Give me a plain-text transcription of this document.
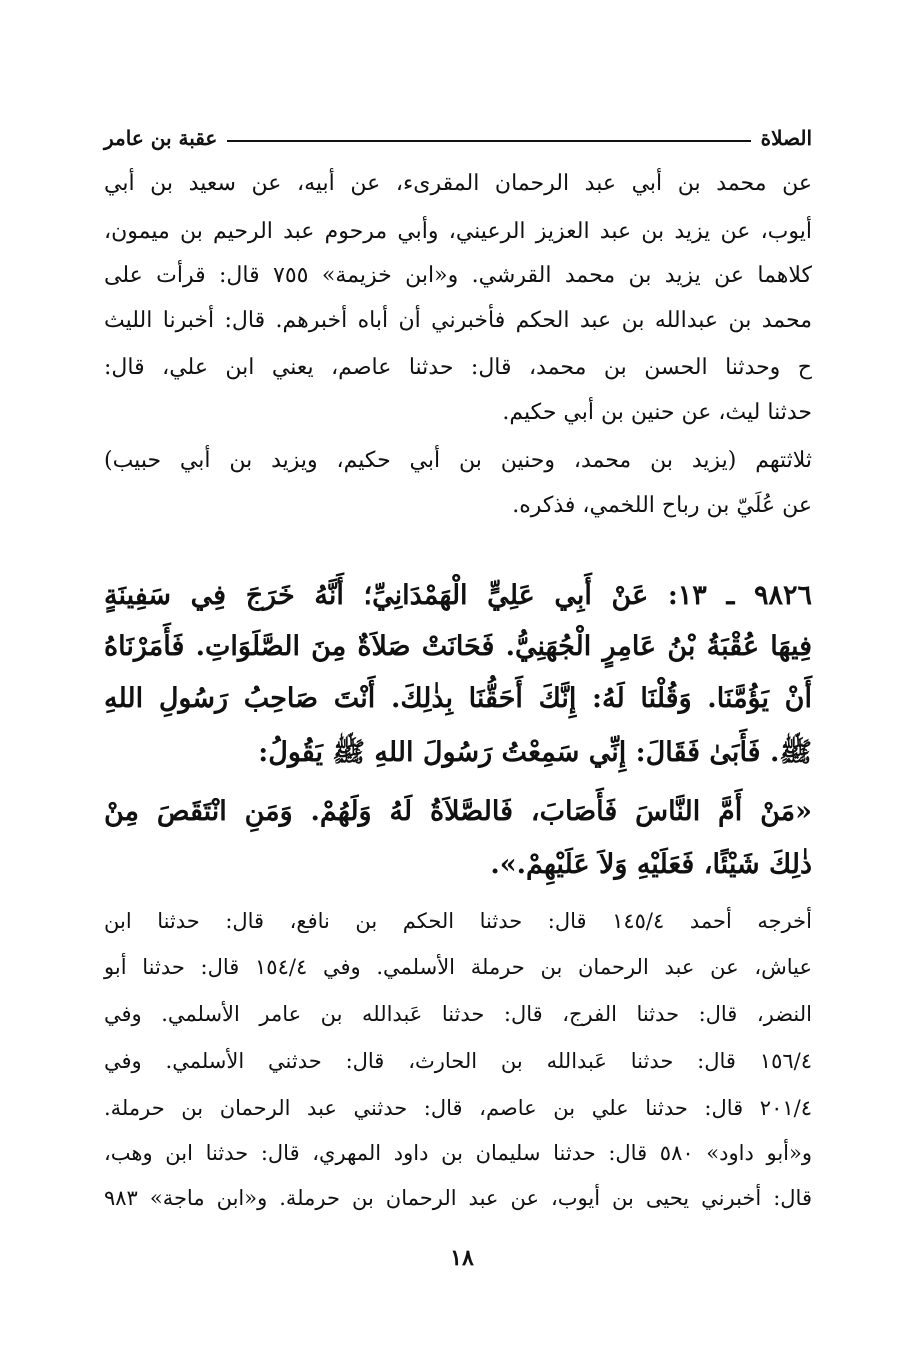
الصلاة
عقبة بن عامر
عن محمد بن أبي عبد الرحمان المقرىء، عن أبيه، عن سعيد بن أبي
أيوب، عن يزيد بن عبد العزيز الرعيني، وأبي مرحوم عبد الرحيم بن ميمون،
كلاهما عن يزيد بن محمد القرشي. و«ابن خزيمة» ٧٥٥ قال: قرأت على
محمد بن عبدالله بن عبد الحكم فأخبرني أن أباه أخبرهم. قال: أخبرنا الليث
ح وحدثنا الحسن بن محمد، قال: حدثنا عاصم، يعني ابن علي، قال:
حدثنا ليث، عن حنين بن أبي حكيم.
ثلاثتهم (يزيد بن محمد، وحنين بن أبي حكيم، ويزيد بن أبي حبيب)
عن عُلَيّ بن رباح اللخمي، فذكره.
٩٨٢٦ ـ ١٣: عَنْ أَبِي عَلِيٍّ الْهَمْدَانِيِّ؛ أَنَّهُ خَرَجَ فِي سَفِينَةٍ
فِيهَا عُقْبَةُ بْنُ عَامِرٍ الْجُهَنِيُّ. فَحَانَتْ صَلاَةٌ مِنَ الصَّلَوَاتِ. فَأَمَرْنَاهُ
أَنْ يَؤُمَّنَا. وَقُلْنَا لَهُ: إِنَّكَ أَحَقُّنَا بِذٰلِكَ. أَنْتَ صَاحِبُ رَسُولِ اللهِ
ﷺ. فَأَبَىٰ فَقَالَ: إِنِّي سَمِعْتُ رَسُولَ اللهِ ﷺ يَقُولُ:
«مَنْ أَمَّ النَّاسَ فَأَصَابَ، فَالصَّلاَةُ لَهُ وَلَهُمْ. وَمَنِ انْتَقَصَ مِنْ
ذٰلِكَ شَيْئًا، فَعَلَيْهِ وَلاَ عَلَيْهِمْ.».
أخرجه أحمد ١٤٥/٤ قال: حدثنا الحكم بن نافع، قال: حدثنا ابن
عياش، عن عبد الرحمان بن حرملة الأسلمي. وفي ١٥٤/٤ قال: حدثنا أبو
النضر، قال: حدثنا الفرج، قال: حدثنا عَبدالله بن عامر الأسلمي. وفي
١٥٦/٤ قال: حدثنا عَبدالله بن الحارث، قال: حدثني الأسلمي. وفي
٢٠١/٤ قال: حدثنا علي بن عاصم، قال: حدثني عبد الرحمان بن حرملة.
و«أبو داود» ٥٨٠ قال: حدثنا سليمان بن داود المهري، قال: حدثنا ابن وهب،
قال: أخبرني يحيى بن أيوب، عن عبد الرحمان بن حرملة. و«ابن ماجة» ٩٨٣
١٨
